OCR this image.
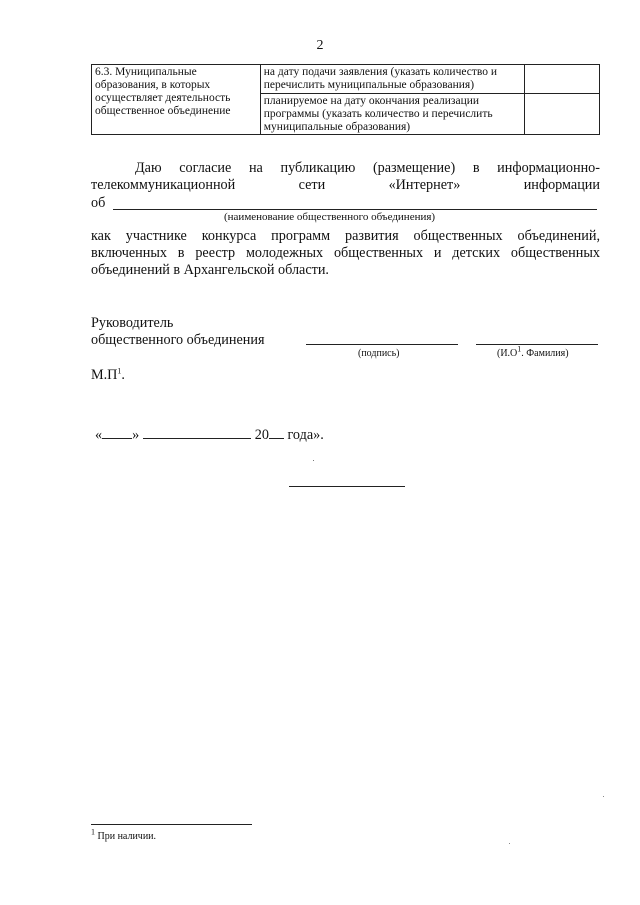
2
6.3. Муниципальные образования, в которых осуществляет деятельность общественное объединение	на дату подачи заявления (указать количество и перечислить муниципальные образования)	
	планируемое на дату окончания реализации программы (указать количество и перечислить муниципальные образования)	
Даю согласие на публикацию (размещение) в информационно-
телекоммуникационной	сети	«Интернет»	информации
об
(наименование общественного объединения)
как участнике конкурса программ развития общественных объединений, включенных в реестр молодежных общественных и детских общественных объединений в Архангельской области.
Руководитель
общественного объединения
(подпись)	($И.О^1$. Фамилия)
$М.П^1$.
« »	20 года».
$^1$ При наличии.
